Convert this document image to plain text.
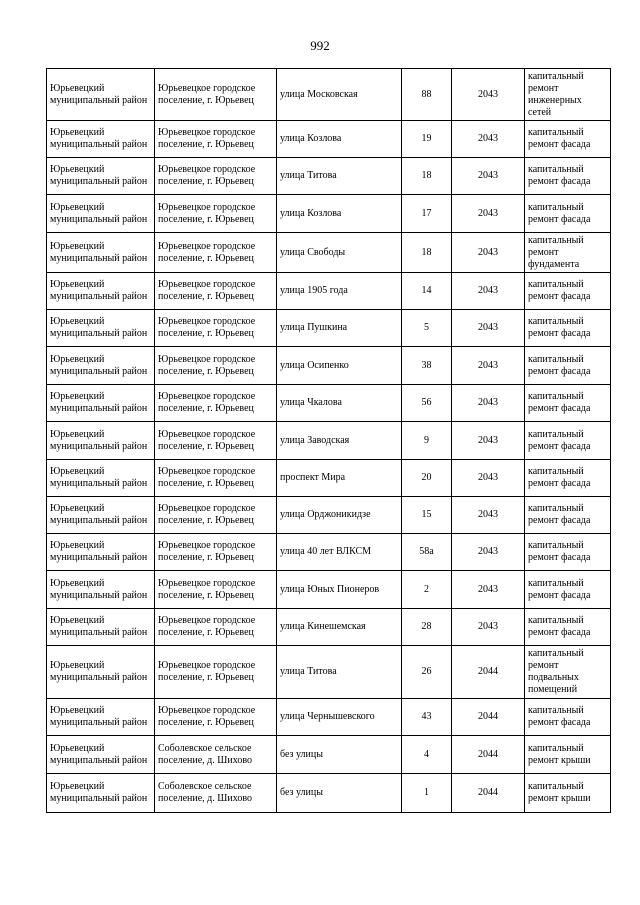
992
Юрьевецкий муниципальный район	Юрьевецкое городское поселение, г. Юрьевец	улица Московская	88	2043	капитальный ремонт инженерных сетей
Юрьевецкий муниципальный район	Юрьевецкое городское поселение, г. Юрьевец	улица Козлова	19	2043	капитальный ремонт фасада
Юрьевецкий муниципальный район	Юрьевецкое городское поселение, г. Юрьевец	улица Титова	18	2043	капитальный ремонт фасада
Юрьевецкий муниципальный район	Юрьевецкое городское поселение, г. Юрьевец	улица Козлова	17	2043	капитальный ремонт фасада
Юрьевецкий муниципальный район	Юрьевецкое городское поселение, г. Юрьевец	улица Свободы	18	2043	капитальный ремонт фундамента
Юрьевецкий муниципальный район	Юрьевецкое городское поселение, г. Юрьевец	улица 1905 года	14	2043	капитальный ремонт фасада
Юрьевецкий муниципальный район	Юрьевецкое городское поселение, г. Юрьевец	улица Пушкина	5	2043	капитальный ремонт фасада
Юрьевецкий муниципальный район	Юрьевецкое городское поселение, г. Юрьевец	улица Осипенко	38	2043	капитальный ремонт фасада
Юрьевецкий муниципальный район	Юрьевецкое городское поселение, г. Юрьевец	улица Чкалова	56	2043	капитальный ремонт фасада
Юрьевецкий муниципальный район	Юрьевецкое городское поселение, г. Юрьевец	улица Заводская	9	2043	капитальный ремонт фасада
Юрьевецкий муниципальный район	Юрьевецкое городское поселение, г. Юрьевец	проспект Мира	20	2043	капитальный ремонт фасада
Юрьевецкий муниципальный район	Юрьевецкое городское поселение, г. Юрьевец	улица Орджоникидзе	15	2043	капитальный ремонт фасада
Юрьевецкий муниципальный район	Юрьевецкое городское поселение, г. Юрьевец	улица 40 лет ВЛКСМ	58а	2043	капитальный ремонт фасада
Юрьевецкий муниципальный район	Юрьевецкое городское поселение, г. Юрьевец	улица Юных Пионеров	2	2043	капитальный ремонт фасада
Юрьевецкий муниципальный район	Юрьевецкое городское поселение, г. Юрьевец	улица Кинешемская	28	2043	капитальный ремонт фасада
Юрьевецкий муниципальный район	Юрьевецкое городское поселение, г. Юрьевец	улица Титова	26	2044	капитальный ремонт подвальных помещений
Юрьевецкий муниципальный район	Юрьевецкое городское поселение, г. Юрьевец	улица Чернышевского	43	2044	капитальный ремонт фасада
Юрьевецкий муниципальный район	Соболевское сельское поселение, д. Шихово	без улицы	4	2044	капитальный ремонт крыши
Юрьевецкий муниципальный район	Соболевское сельское поселение, д. Шихово	без улицы	1	2044	капитальный ремонт крыши
